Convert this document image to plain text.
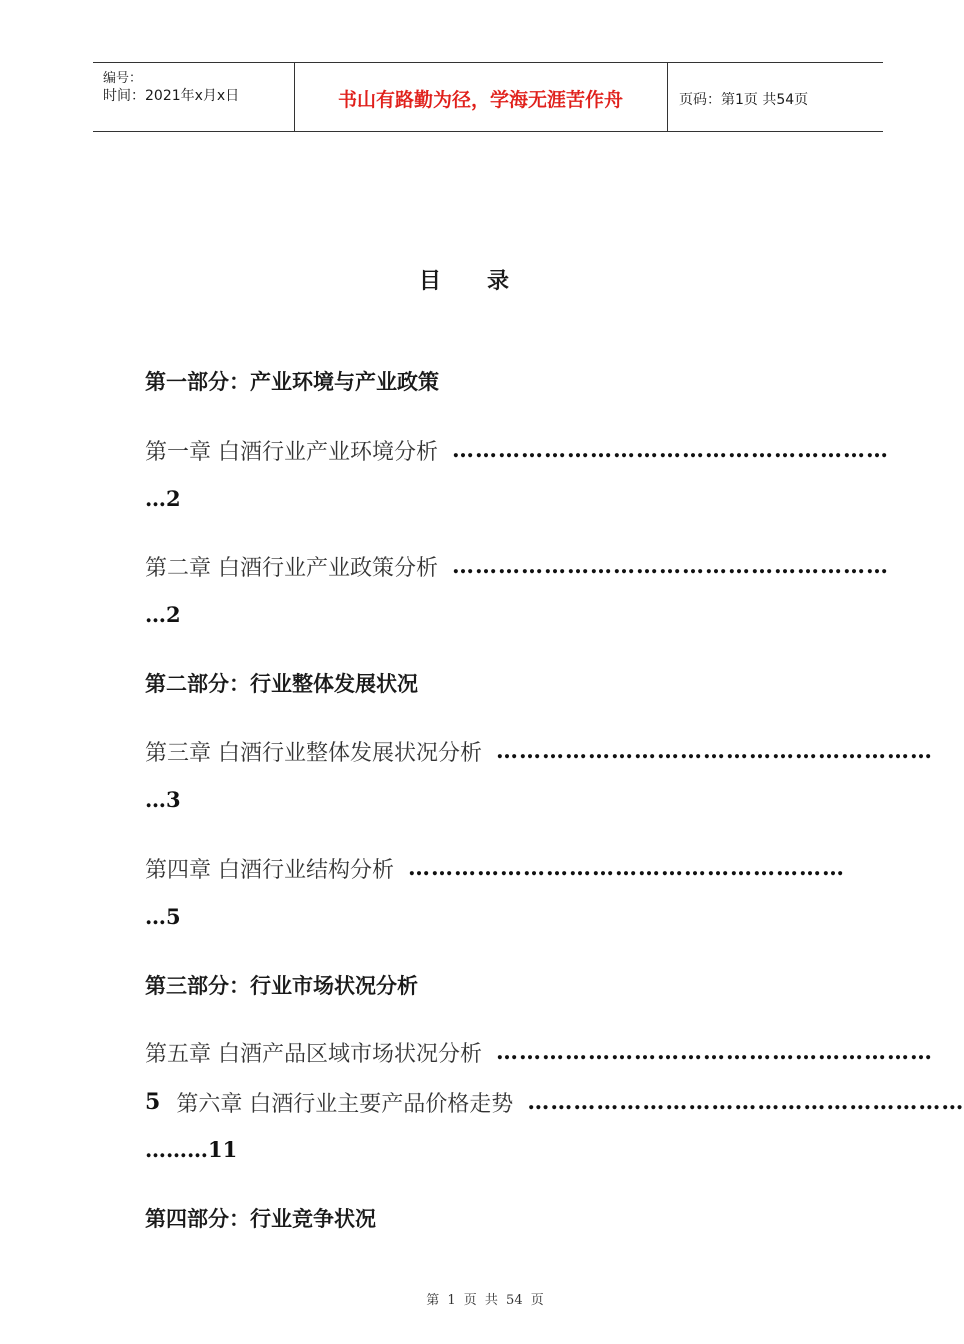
编号：
时间：2021年x月x日	书山有路勤为径，学海无涯苦作舟	页码：第1页 共54页
目录
第一部分：产业环境与产业政策
第一章 白酒行业产业环境分析 …………………………………………………
…2
第二章 白酒行业产业政策分析 …………………………………………………
…2
第二部分：行业整体发展状况
第三章 白酒行业整体发展状况分析 …………………………………………………
…3
第四章 白酒行业结构分析 …………………………………………………
…5
第三部分：行业市场状况分析
第五章 白酒产品区域市场状况分析 …………………………………………………
5 第六章 白酒行业主要产品价格走势 …………………………………………………
………11
第四部分：行业竞争状况
第 1 页 共 54 页
